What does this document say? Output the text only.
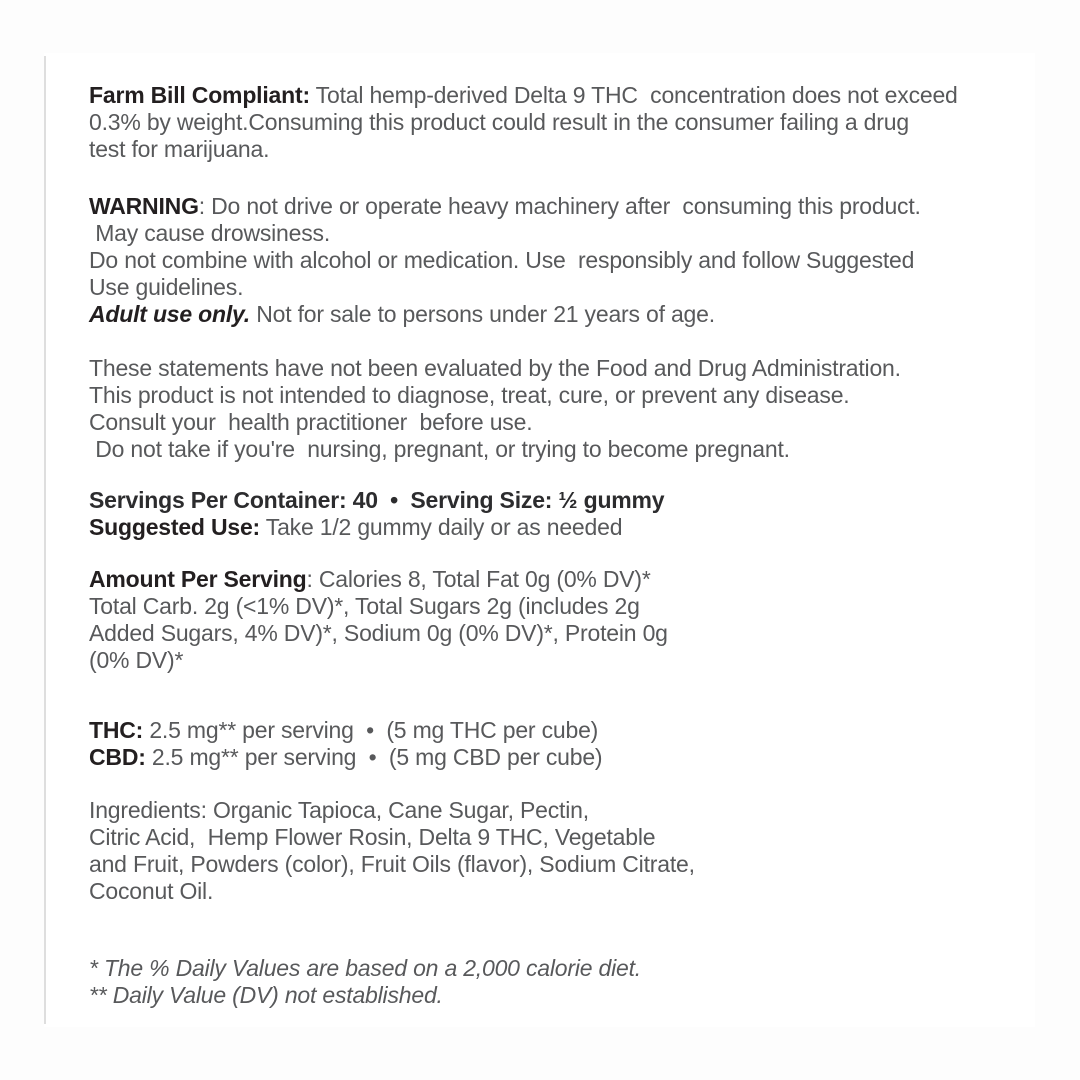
Farm Bill Compliant: Total hemp-derived Delta 9 THC  concentration does not exceed
0.3% by weight.Consuming this product could result in the consumer failing a drug
test for marijuana.
WARNING: Do not drive or operate heavy machinery after  consuming this product.
May cause drowsiness.
Do not combine with alcohol or medication. Use  responsibly and follow Suggested
Use guidelines.
Adult use only. Not for sale to persons under 21 years of age.
These statements have not been evaluated by the Food and Drug Administration.
This product is not intended to diagnose, treat, cure, or prevent any disease.
Consult your  health practitioner  before use.
Do not take if you're  nursing, pregnant, or trying to become pregnant.
Servings Per Container: 40  •  Serving Size: ½ gummy
Suggested Use: Take 1/2 gummy daily or as needed
Amount Per Serving: Calories 8, Total Fat 0g (0% DV)*
Total Carb. 2g (<1% DV)*, Total Sugars 2g (includes 2g
Added Sugars, 4% DV)*, Sodium 0g (0% DV)*, Protein 0g
(0% DV)*
THC: 2.5 mg** per serving  •  (5 mg THC per cube)
CBD: 2.5 mg** per serving  •  (5 mg CBD per cube)
Ingredients: Organic Tapioca, Cane Sugar, Pectin,
Citric Acid,  Hemp Flower Rosin, Delta 9 THC, Vegetable
and Fruit, Powders (color), Fruit Oils (flavor), Sodium Citrate,
Coconut Oil.
* The % Daily Values are based on a 2,000 calorie diet.
** Daily Value (DV) not established.
